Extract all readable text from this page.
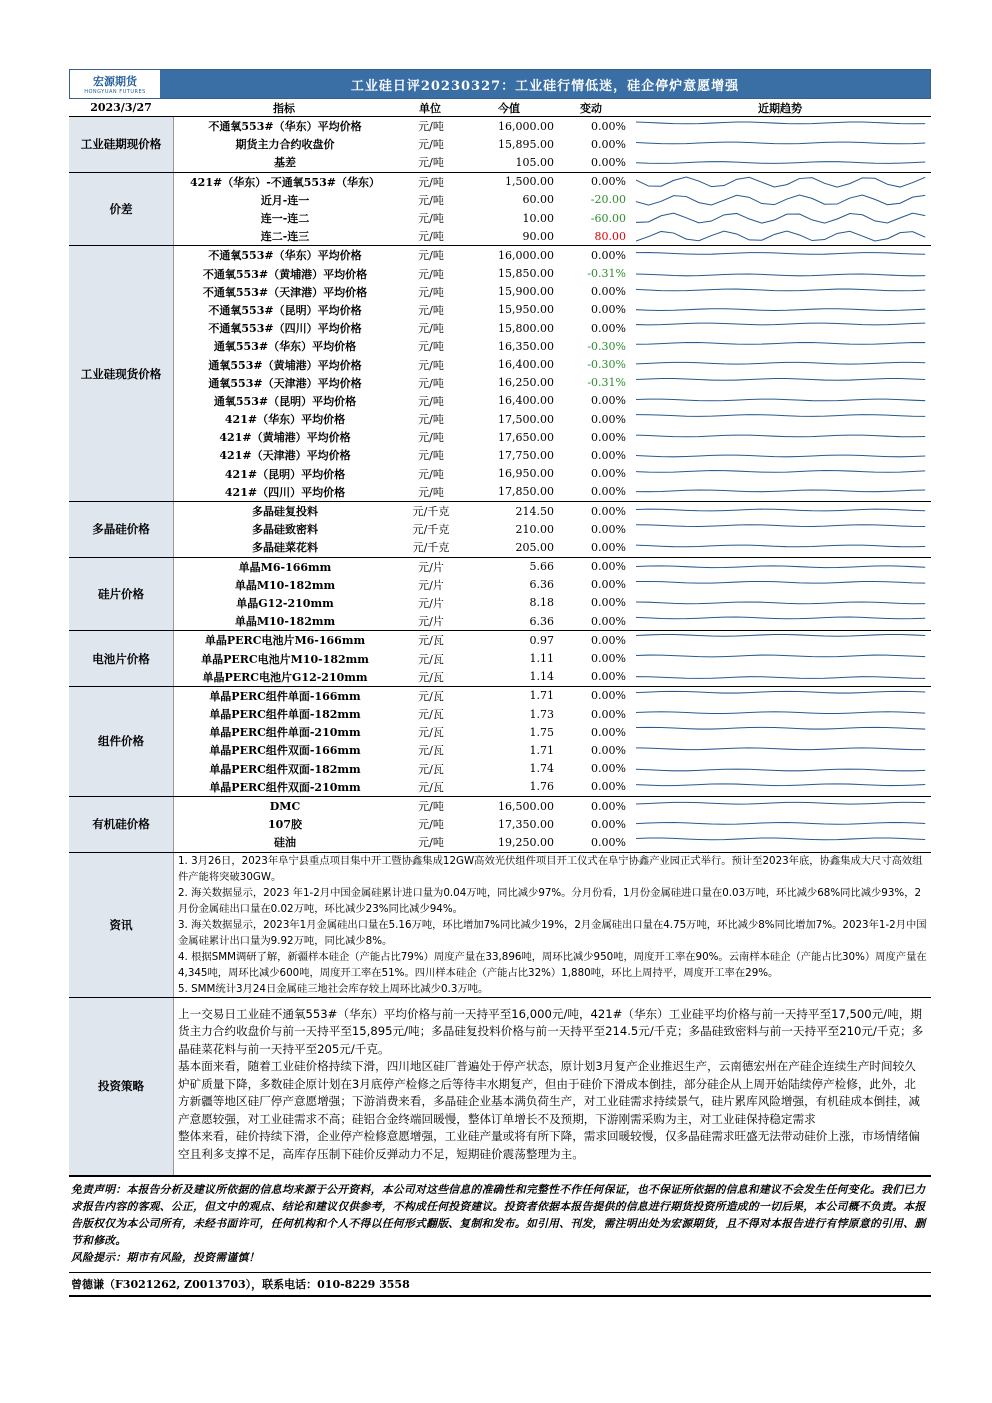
宏源期货
HONGYUAN FUTURES	工业硅日评20230327：工业硅行情低迷，硅企停炉意愿增强
2023/3/27	指标	单位	今值	变动	近期趋势
工业硅期现价格
不通氧553#（华东）平均价格	元/吨	16,000.00	0.00%
期货主力合约收盘价	元/吨	15,895.00	0.00%
基差	元/吨	105.00	0.00%
价差
421#（华东）-不通氧553#（华东）	元/吨	1,500.00	0.00%
近月-连一	元/吨	60.00	-20.00
连一-连二	元/吨	10.00	-60.00
连二-连三	元/吨	90.00	80.00
工业硅现货价格
不通氧553#（华东）平均价格	元/吨	16,000.00	0.00%
不通氧553#（黄埔港）平均价格	元/吨	15,850.00	-0.31%
不通氧553#（天津港）平均价格	元/吨	15,900.00	0.00%
不通氧553#（昆明）平均价格	元/吨	15,950.00	0.00%
不通氧553#（四川）平均价格	元/吨	15,800.00	0.00%
通氧553#（华东）平均价格	元/吨	16,350.00	-0.30%
通氧553#（黄埔港）平均价格	元/吨	16,400.00	-0.30%
通氧553#（天津港）平均价格	元/吨	16,250.00	-0.31%
通氧553#（昆明）平均价格	元/吨	16,400.00	0.00%
421#（华东）平均价格	元/吨	17,500.00	0.00%
421#（黄埔港）平均价格	元/吨	17,650.00	0.00%
421#（天津港）平均价格	元/吨	17,750.00	0.00%
421#（昆明）平均价格	元/吨	16,950.00	0.00%
421#（四川）平均价格	元/吨	17,850.00	0.00%
多晶硅价格
多晶硅复投料	元/千克	214.50	0.00%
多晶硅致密料	元/千克	210.00	0.00%
多晶硅菜花料	元/千克	205.00	0.00%
硅片价格
单晶M6-166mm	元/片	5.66	0.00%
单晶M10-182mm	元/片	6.36	0.00%
单晶G12-210mm	元/片	8.18	0.00%
单晶M10-182mm	元/片	6.36	0.00%
电池片价格
单晶PERC电池片M6-166mm	元/瓦	0.97	0.00%
单晶PERC电池片M10-182mm	元/瓦	1.11	0.00%
单晶PERC电池片G12-210mm	元/瓦	1.14	0.00%
组件价格
单晶PERC组件单面-166mm	元/瓦	1.71	0.00%
单晶PERC组件单面-182mm	元/瓦	1.73	0.00%
单晶PERC组件单面-210mm	元/瓦	1.75	0.00%
单晶PERC组件双面-166mm	元/瓦	1.71	0.00%
单晶PERC组件双面-182mm	元/瓦	1.74	0.00%
单晶PERC组件双面-210mm	元/瓦	1.76	0.00%
有机硅价格
DMC	元/吨	16,500.00	0.00%
107胶	元/吨	17,350.00	0.00%
硅油	元/吨	19,250.00	0.00%
资讯

1. 3月26日，2023年阜宁县重点项目集中开工暨协鑫集成12GW高效光伏组件项目开工仪式在阜宁协鑫产业园正式举行。预计至2023年底，协鑫集成大尺寸高效组件产能将突破30GW。

2. 海关数据显示，2023 年1-2月中国金属硅累计进口量为0.04万吨，同比减少97%。分月份看，1月份金属硅进口量在0.03万吨，环比减少68%同比减少93%，2月份金属硅出口量在0.02万吨，环比减少23%同比减少94%。

3. 海关数据显示，2023年1月金属硅出口量在5.16万吨，环比增加7%同比减少19%，2月金属硅出口量在4.75万吨，环比减少8%同比增加7%。2023年1-2月中国金属硅累计出口量为9.92万吨，同比减少8%。

4. 根据SMM调研了解，新疆样本硅企（产能占比79%）周度产量在33,896吨，周环比减少950吨，周度开工率在90%。云南样本硅企（产能占比30%）周度产量在4,345吨，周环比减少600吨，周度开工率在51%。四川样本硅企（产能占比32%）1,880吨，环比上周持平，周度开工率在29%。

5. SMM统计3月24日金属硅三地社会库存较上周环比减少0.3万吨。

投资策略

上一交易日工业硅不通氧553#（华东）平均价格与前一天持平至16,000元/吨，421#（华东）工业硅平均价格与前一天持平至17,500元/吨，期货主力合约收盘价与前一天持平至15,895元/吨；多晶硅复投料价格与前一天持平至214.5元/千克；多晶硅致密料与前一天持平至210元/千克；多晶硅菜花料与前一天持平至205元/千克。

基本面来看，随着工业硅价格持续下滑，四川地区硅厂普遍处于停产状态，原计划3月复产企业推迟生产，云南德宏州在产硅企连续生产时间较久炉矿质量下降，多数硅企原计划在3月底停产检修之后等待丰水期复产，但由于硅价下滑成本倒挂，部分硅企从上周开始陆续停产检修，此外，北方新疆等地区硅厂停产意愿增强；下游消费来看，多晶硅企业基本满负荷生产，对工业硅需求持续景气，硅片累库风险增强，有机硅成本倒挂，减产意愿较强，对工业硅需求不高；硅铝合金终端回暖慢，整体订单增长不及预期，下游刚需采购为主，对工业硅保持稳定需求

整体来看，硅价持续下滑，企业停产检修意愿增强，工业硅产量或将有所下降，需求回暖较慢，仅多晶硅需求旺盛无法带动硅价上涨，市场情绪偏空且利多支撑不足，高库存压制下硅价反弹动力不足，短期硅价震荡整理为主。

免责声明：本报告分析及建议所依据的信息均来源于公开资料，本公司对这些信息的准确性和完整性不作任何保证，也不保证所依据的信息和建议不会发生任何变化。我们已力求报告内容的客观、公正，但文中的观点、结论和建议仅供参考，不构成任何投资建议。投资者依据本报告提供的信息进行期货投资所造成的一切后果，本公司概不负责。本报告版权仅为本公司所有，未经书面许可，任何机构和个人不得以任何形式翻版、复制和发布。如引用、刊发，需注明出处为宏源期货，且不得对本报告进行有悖原意的引用、删节和修改。

风险提示：期市有风险，投资需谨慎！

曾德谦（F3021262, Z0013703），联系电话：010-8229 3558
